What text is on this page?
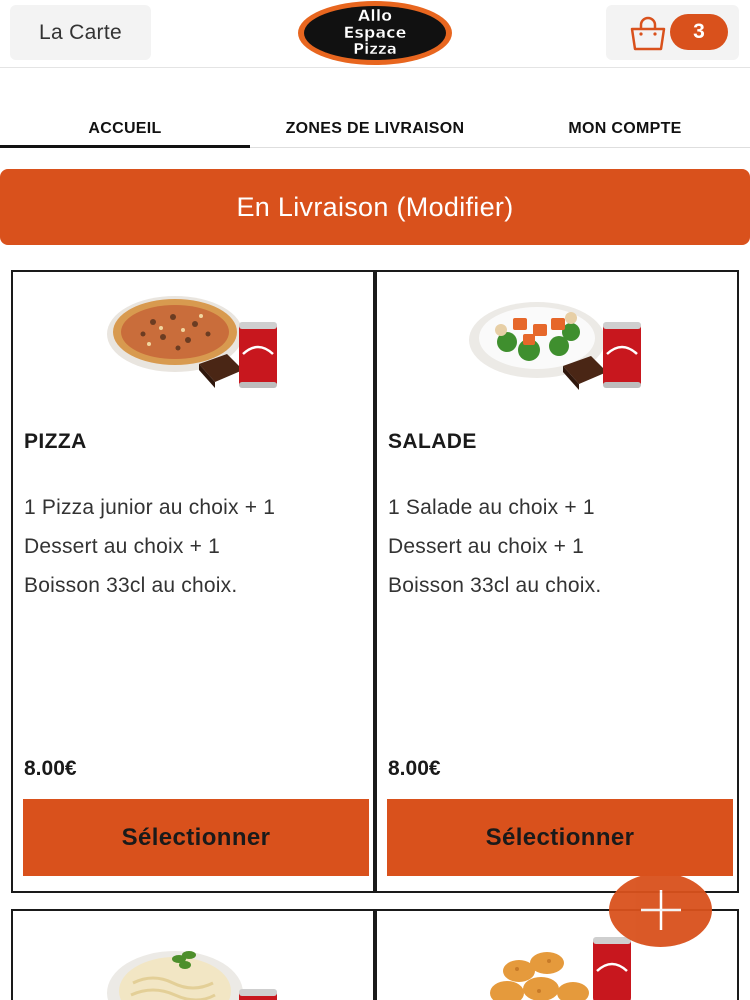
La Carte
Allo
Espace
Pizza
3
ACCUEIL	ZONES DE LIVRAISON	MON COMPTE
En Livraison (Modifier)
PIZZA
1 Pizza junior au choix + 1
Dessert au choix + 1
Boisson 33cl au choix.
8.00€
Sélectionner
SALADE
1 Salade au choix + 1
Dessert au choix + 1
Boisson 33cl au choix.
8.00€
Sélectionner
